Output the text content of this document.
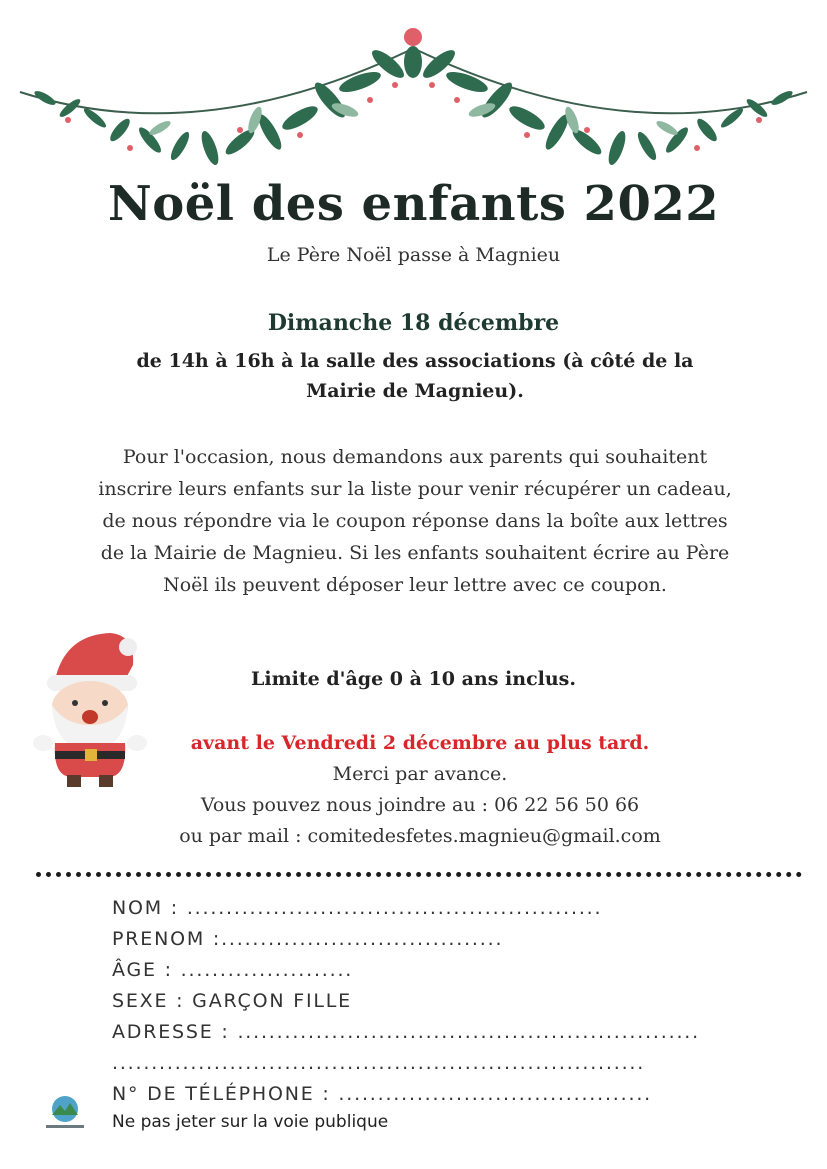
Noël des enfants 2022
Le Père Noël passe à Magnieu
Dimanche 18 décembre
de 14h à 16h à la salle des associations (à côté de la Mairie de Magnieu).
Pour l'occasion, nous demandons aux parents qui souhaitent inscrire leurs enfants sur la liste pour venir récupérer un cadeau, de nous répondre via le coupon réponse dans la boîte aux lettres de la Mairie de Magnieu. Si les enfants souhaitent écrire au Père Noël ils peuvent déposer leur lettre avec ce coupon.
Limite d'âge 0 à 10 ans inclus.
avant le Vendredi 2 décembre au plus tard.
Merci par avance.
Vous pouvez nous joindre au : 06 22 56 50 66
ou par mail : comitedesfetes.magnieu@gmail.com
NOM : .....................................................
PRENOM :....................................
ÂGE : ......................
SEXE : GARÇON FILLE
ADRESSE : ...........................................................
....................................................................
N° DE TÉLÉPHONE : ........................................
Ne pas jeter sur la voie publique
